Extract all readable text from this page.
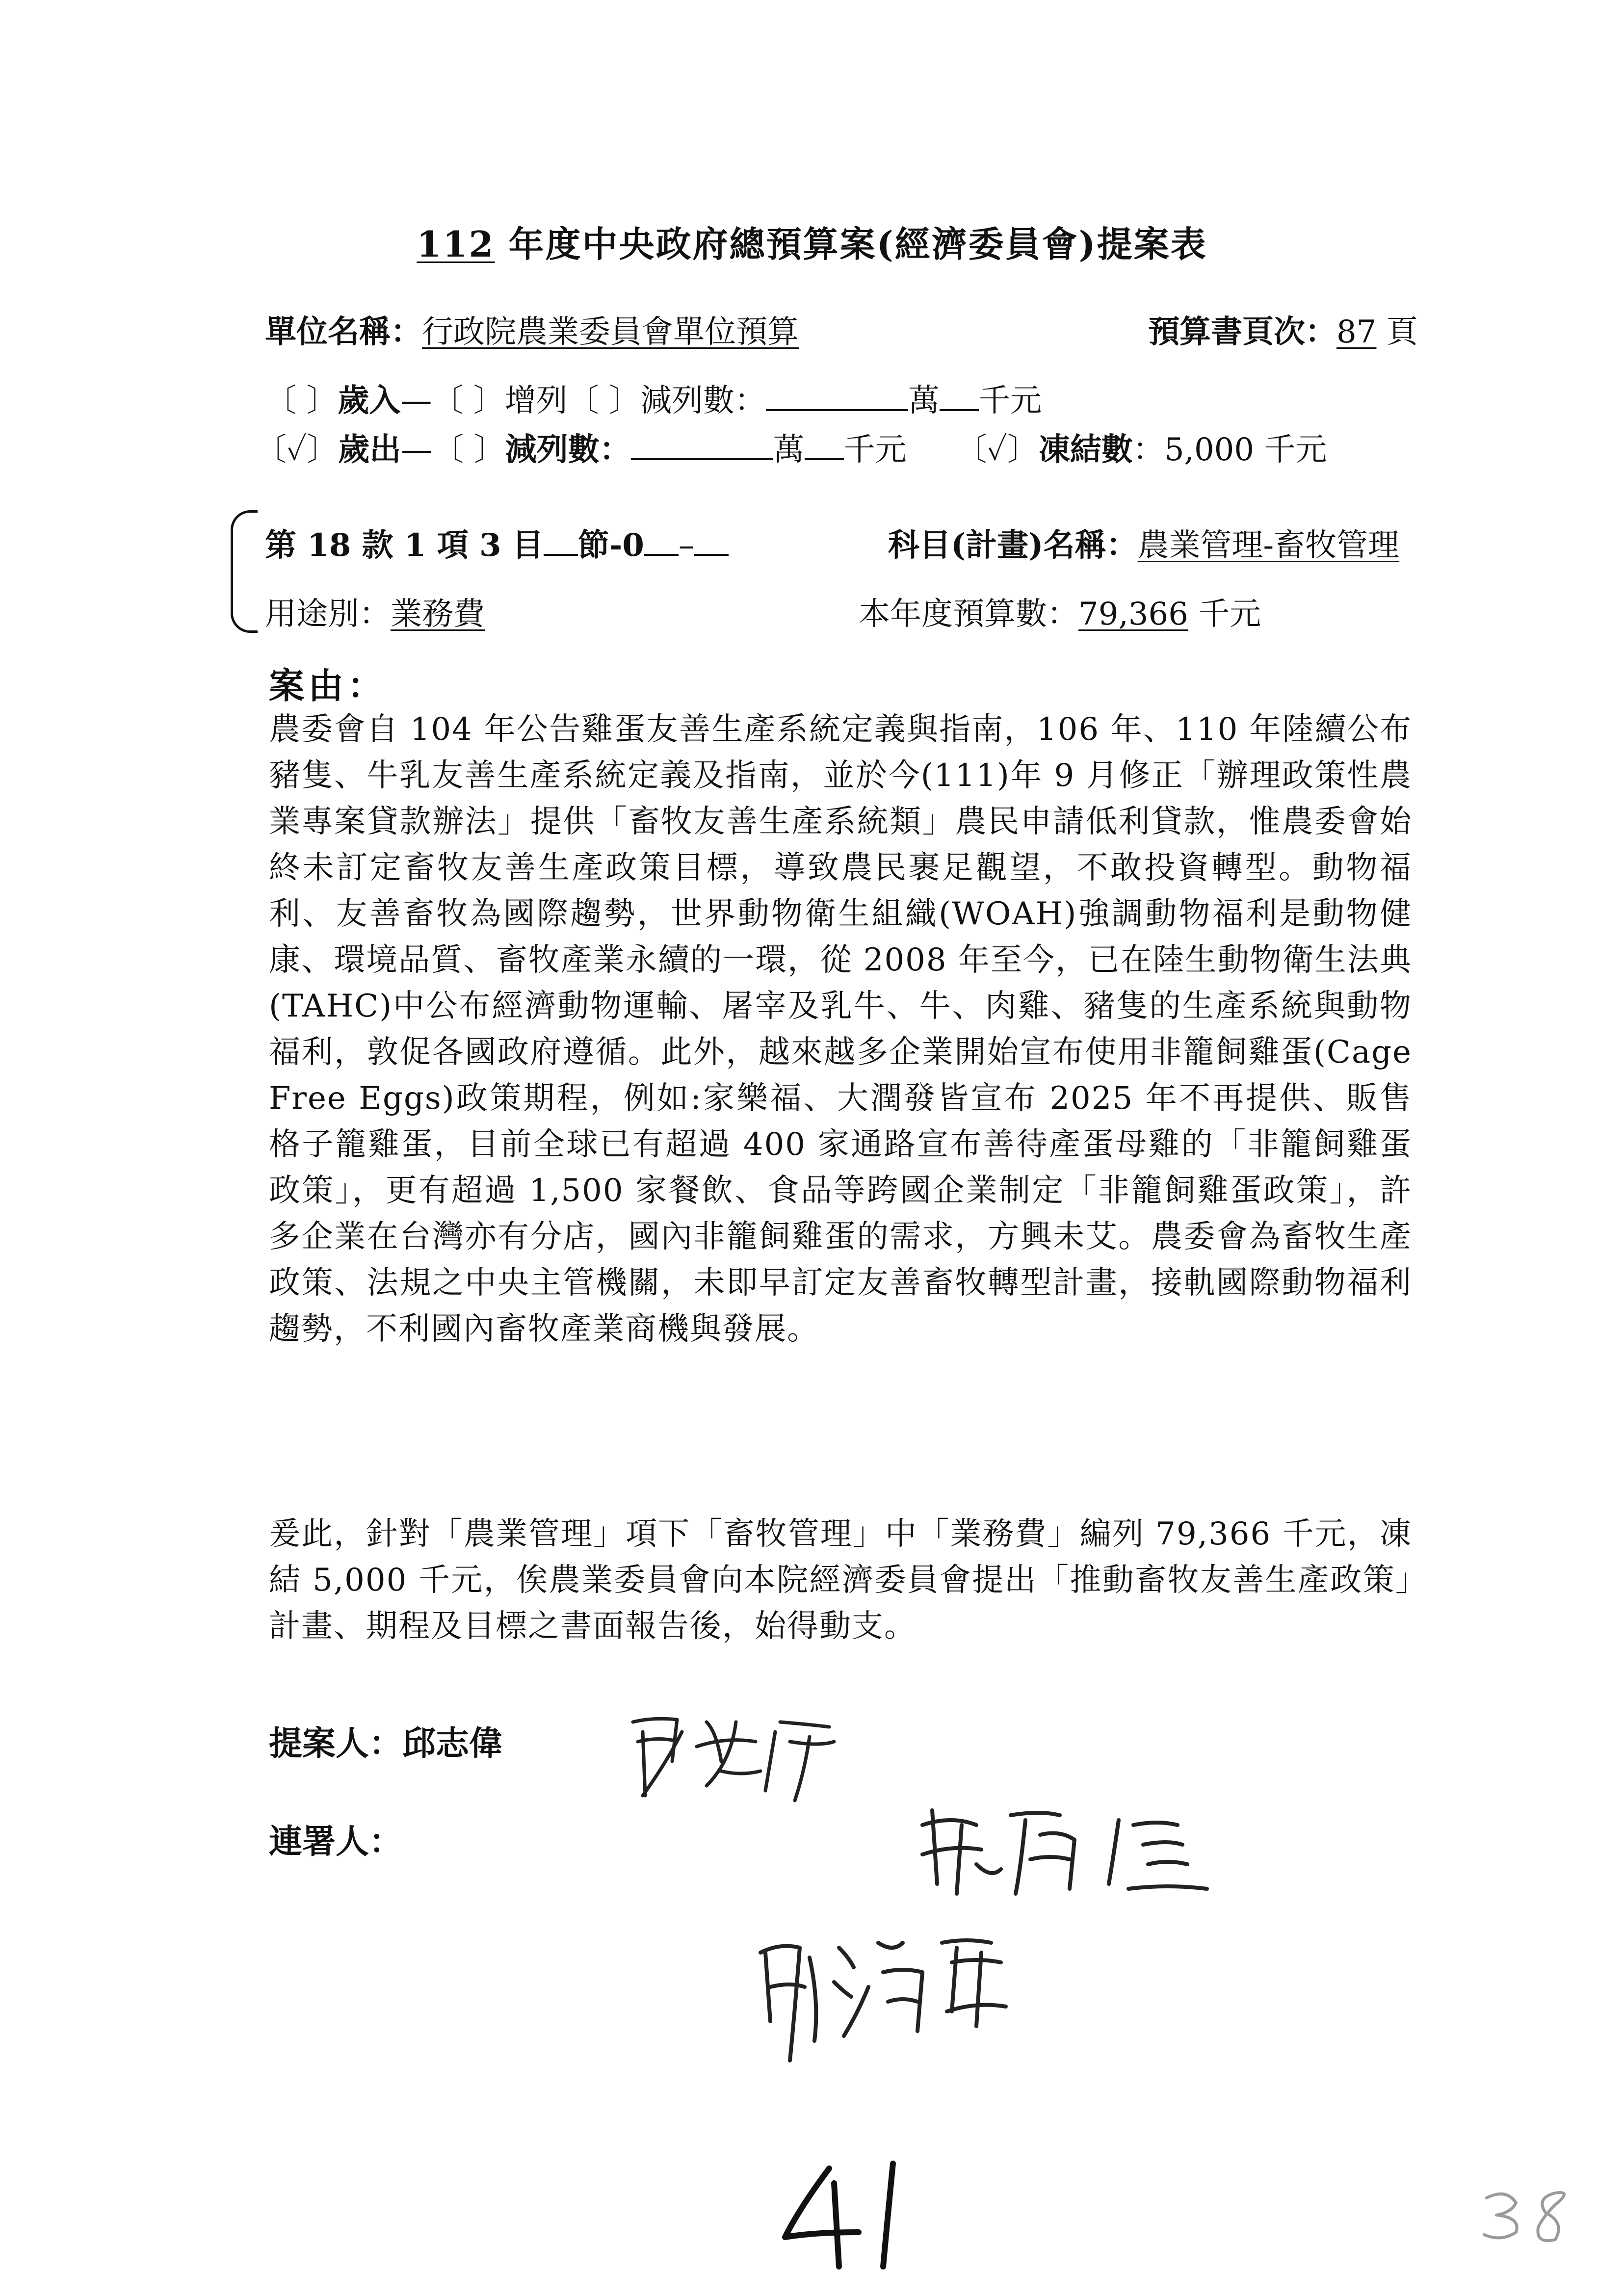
112 年度中央政府總預算案(經濟委員會)提案表
單位名稱：行政院農業委員會單位預算	預算書頁次：87 頁
〔 〕歲入—〔 〕增列〔 〕減列數：	萬 千元
〔✓〕歲出—〔 〕減列數：	萬 千元 〔✓〕凍結數：5,000 千元
第 18 款 1 項 3 目 節-0 –	科目(計畫)名稱：農業管理-畜牧管理
用途別：業務費	本年度預算數：79,366 千元
案由：
農委會自 104 年公告雞蛋友善生產系統定義與指南，106 年、110 年陸續公布豬隻、牛乳友善生產系統定義及指南，並於今(111)年 9 月修正「辦理政策性農業專案貸款辦法」提供「畜牧友善生產系統類」農民申請低利貸款，惟農委會始終未訂定畜牧友善生產政策目標，導致農民裹足觀望，不敢投資轉型。動物福利、友善畜牧為國際趨勢，世界動物衛生組織(WOAH)強調動物福利是動物健康、環境品質、畜牧產業永續的一環，從 2008 年至今，已在陸生動物衛生法典(TAHC)中公布經濟動物運輸、屠宰及乳牛、牛、肉雞、豬隻的生產系統與動物福利，敦促各國政府遵循。此外，越來越多企業開始宣布使用非籠飼雞蛋(Cage Free Eggs)政策期程，例如:家樂福、大潤發皆宣布 2025 年不再提供、販售格子籠雞蛋，目前全球已有超過 400 家通路宣布善待產蛋母雞的「非籠飼雞蛋政策」，更有超過 1,500 家餐飲、食品等跨國企業制定「非籠飼雞蛋政策」，許多企業在台灣亦有分店，國內非籠飼雞蛋的需求，方興未艾。農委會為畜牧生產政策、法規之中央主管機關，未即早訂定友善畜牧轉型計畫，接軌國際動物福利趨勢，不利國內畜牧產業商機與發展。
爰此，針對「農業管理」項下「畜牧管理」中「業務費」編列 79,366 千元，凍結 5,000 千元，俟農業委員會向本院經濟委員會提出「推動畜牧友善生產政策」計畫、期程及目標之書面報告後，始得動支。
提案人：邱志偉
連署人：
41
38
